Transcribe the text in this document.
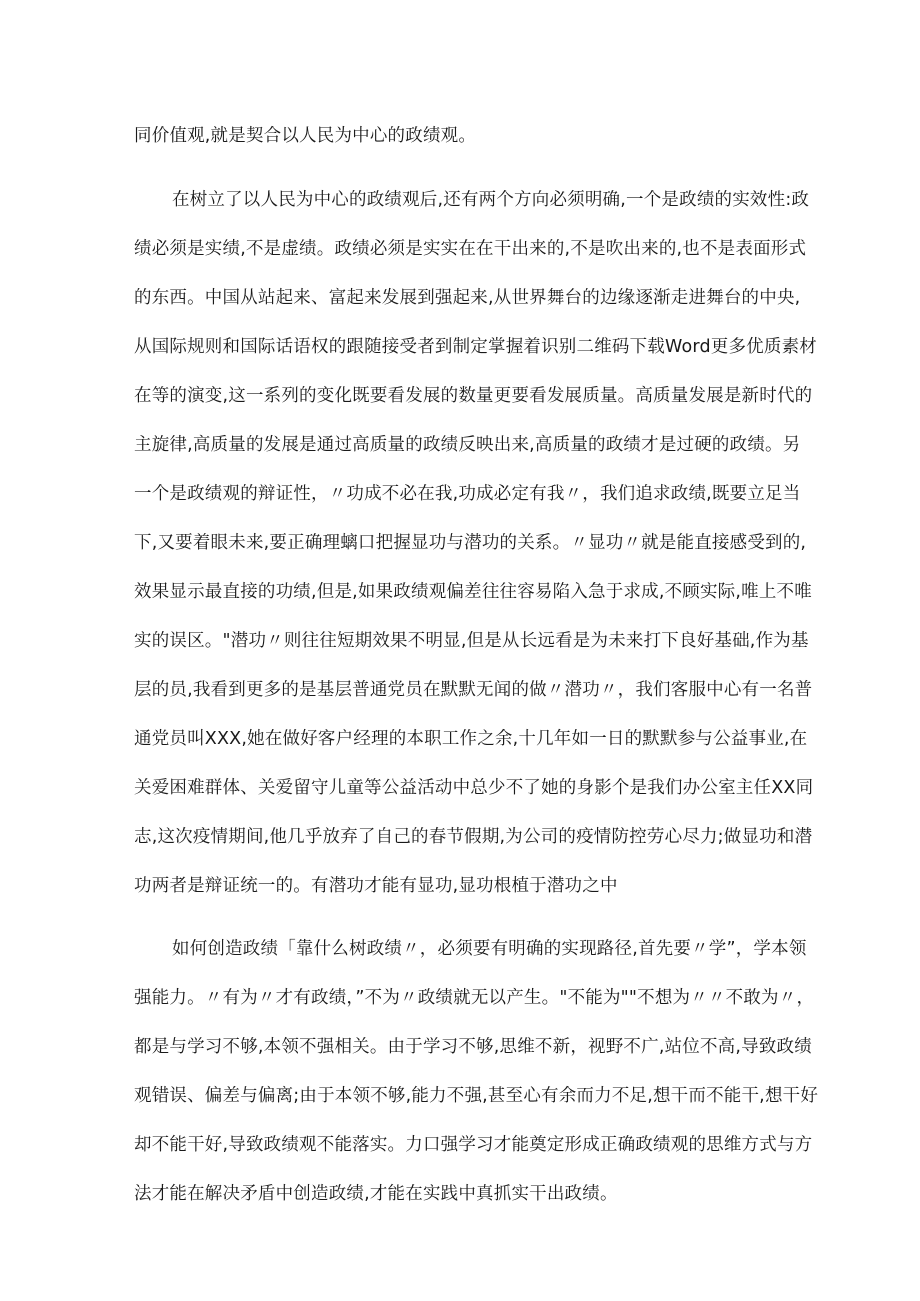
同价值观,就是契合以人民为中心的政绩观。

在树立了以人民为中心的政绩观后,还有两个方向必须明确,一个是政绩的实效性:政

绩必须是实绩,不是虚绩。政绩必须是实实在在干出来的,不是吹出来的,也不是表面形式

的东西。中国从站起来、富起来发展到强起来,从世界舞台的边缘逐渐走进舞台的中央,

从国际规则和国际话语权的跟随接受者到制定掌握着识别二维码下载Word更多优质素材

在等的演变,这一系列的变化既要看发展的数量更要看发展质量。高质量发展是新时代的

主旋律,高质量的发展是通过高质量的政绩反映出来,高质量的政绩才是过硬的政绩。另

一个是政绩观的辩证性，〃功成不必在我,功成必定有我〃，我们追求政绩,既要立足当

下,又要着眼未来,要正确理螭口把握显功与潜功的关系。〃显功〃就是能直接感受到的,

效果显示最直接的功绩,但是,如果政绩观偏差往往容易陷入急于求成,不顾实际,唯上不唯

实的误区。"潜功〃则往往短期效果不明显,但是从长远看是为未来打下良好基础,作为基

层的员,我看到更多的是基层普通党员在默默无闻的做〃潜功〃，我们客服中心有一名普

通党员叫XXX,她在做好客户经理的本职工作之余,十几年如一日的默默参与公益事业,在

关爱困难群体、关爱留守儿童等公益活动中总少不了她的身影个是我们办公室主任XX同

志,这次疫情期间,他几乎放弃了自己的春节假期,为公司的疫情防控劳心尽力;做显功和潜

功两者是辩证统一的。有潜功才能有显功,显功根植于潜功之中

如何创造政绩「靠什么树政绩〃，必须要有明确的实现路径,首先要〃学”，学本领

强能力。〃有为〃才有政绩，”不为〃政绩就无以产生。"不能为""不想为〃〃不敢为〃，

都是与学习不够,本领不强相关。由于学习不够,思维不新，视野不广,站位不高,导致政绩

观错误、偏差与偏离;由于本领不够,能力不强,甚至心有余而力不足,想干而不能干,想干好

却不能干好,导致政绩观不能落实。力口强学习才能奠定形成正确政绩观的思维方式与方

法才能在解决矛盾中创造政绩,才能在实践中真抓实干出政绩。
